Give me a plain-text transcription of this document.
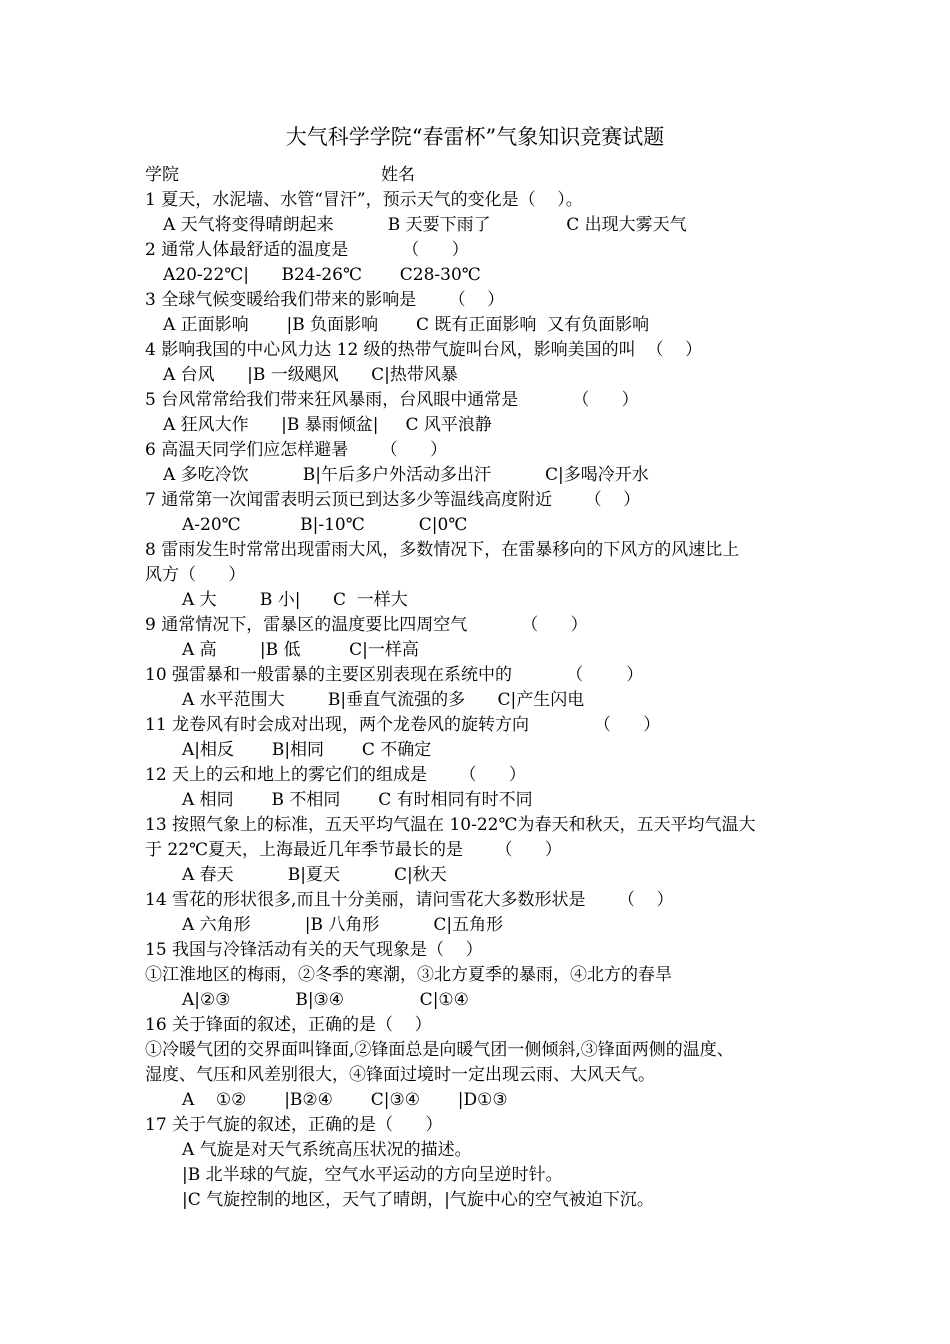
大气科学学院“春雷杯”气象知识竞赛试题
学院	姓名
1 夏天，水泥墙、水管“冒汗”，预示天气的变化是（    ）。
A 天气将变得晴朗起来          B 天要下雨了              C 出现大雾天气
2 通常人体最舒适的温度是          （      ）
A20-22℃|      B24-26℃       C28-30℃
3 全球气候变暖给我们带来的影响是      （    ）
A 正面影响       |B 负面影响       C 既有正面影响  又有负面影响
4 影响我国的中心风力达 12 级的热带气旋叫台风，影响美国的叫  （    ）
A 台风      |B 一级飓风      C|热带风暴
5 台风常常给我们带来狂风暴雨，台风眼中通常是          （      ）
A 狂风大作      |B 暴雨倾盆|     C 风平浪静
6 高温天同学们应怎样避暑      （      ）
A 多吃冷饮          B|午后多户外活动多出汗          C|多喝冷开水
7 通常第一次闻雷表明云顶已到达多少等温线高度附近      （    ）
A-20℃           B|-10℃          C|0℃
8 雷雨发生时常常出现雷雨大风，多数情况下，在雷暴移向的下风方的风速比上
风方（      ）
A 大        B 小|      C  一样大
9 通常情况下，雷暴区的温度要比四周空气          （      ）
A 高        |B 低         C|一样高
10 强雷暴和一般雷暴的主要区别表现在系统中的          （        ）
A 水平范围大        B|垂直气流强的多      C|产生闪电
11 龙卷风有时会成对出现，两个龙卷风的旋转方向            （      ）
A|相反       B|相同       C 不确定
12 天上的云和地上的雾它们的组成是      （      ）
A 相同       B 不相同       C 有时相同有时不同
13 按照气象上的标准，五天平均气温在 10-22℃为春天和秋天，五天平均气温大
于 22℃夏天，上海最近几年季节最长的是      （      ）
A 春天          B|夏天          C|秋天
14 雪花的形状很多,而且十分美丽，请问雪花大多数形状是      （    ）
A 六角形          |B 八角形          C|五角形
15 我国与冷锋活动有关的天气现象是（    ）
①江淮地区的梅雨，②冬季的寒潮，③北方夏季的暴雨，④北方的春旱
A|②③            B|③④              C|①④
16 关于锋面的叙述，正确的是（    ）
①冷暖气团的交界面叫锋面,②锋面总是向暖气团一侧倾斜,③锋面两侧的温度、
湿度、气压和风差别很大，④锋面过境时一定出现云雨、大风天气。
A    ①②       |B②④       C|③④       |D①③
17 关于气旋的叙述，正确的是（      ）
A 气旋是对天气系统高压状况的描述。
|B 北半球的气旋，空气水平运动的方向呈逆时针。
|C 气旋控制的地区，天气了晴朗，|气旋中心的空气被迫下沉。
